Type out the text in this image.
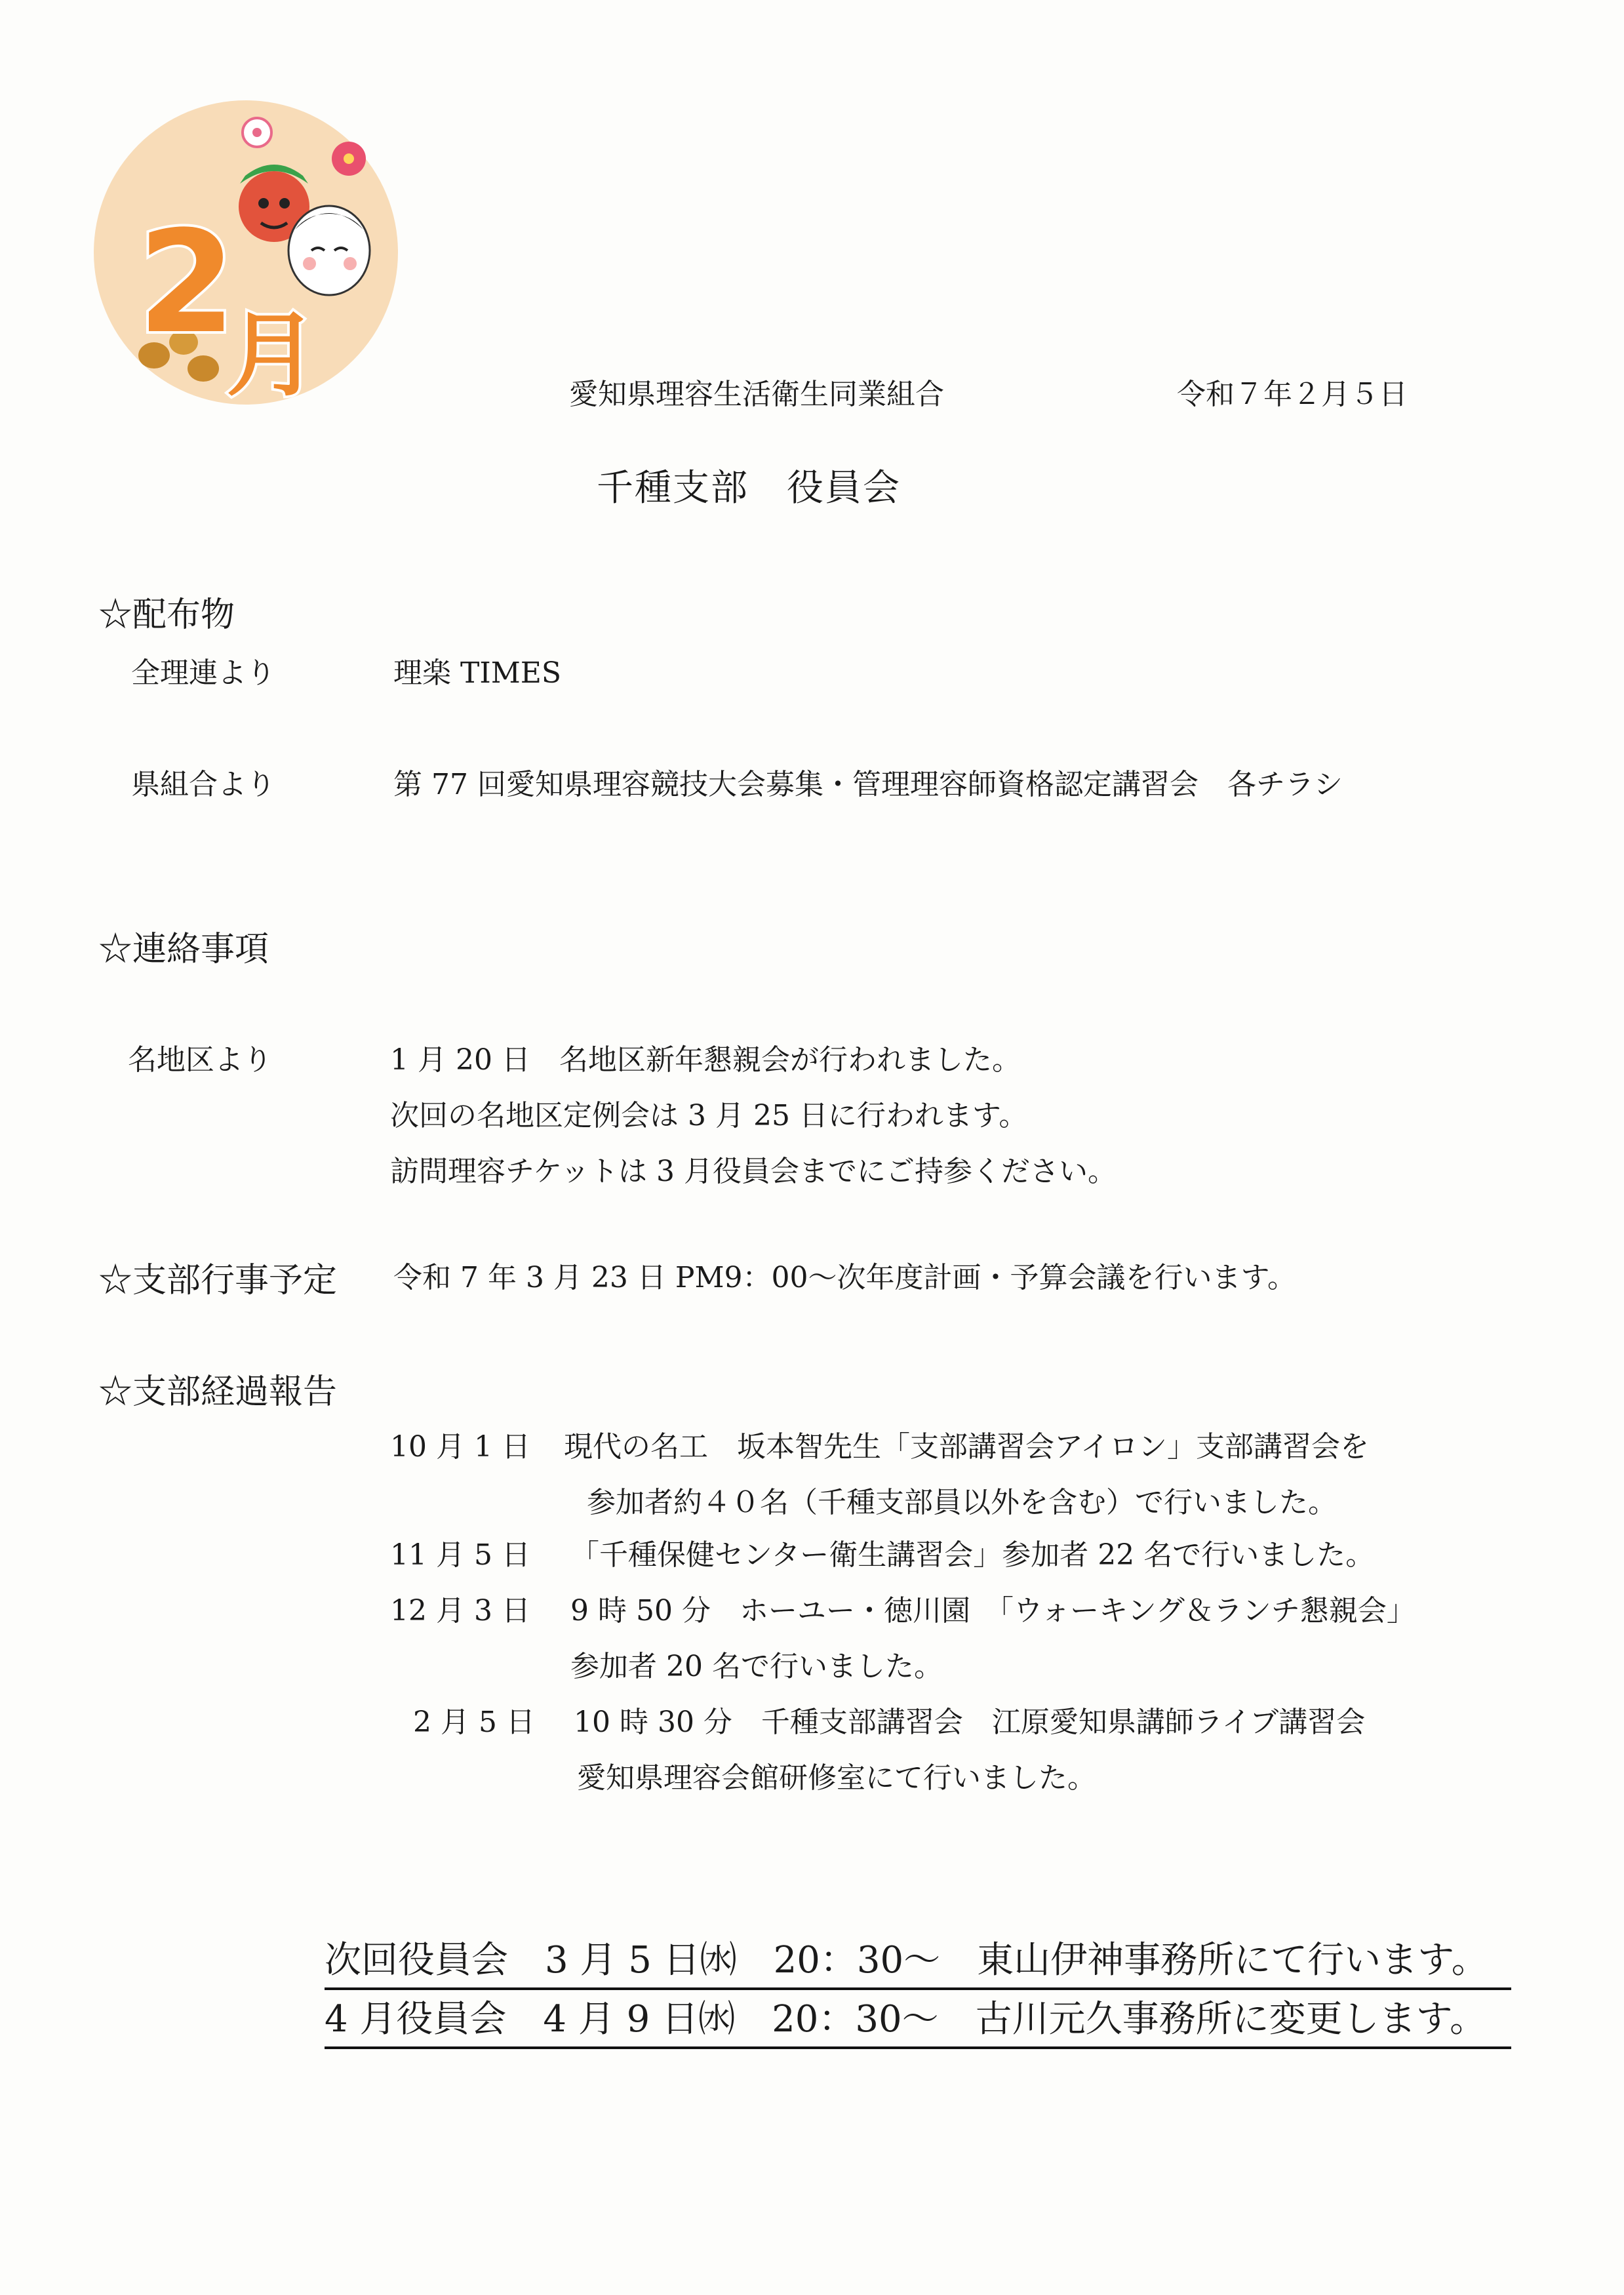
2
月	愛知県理容生活衛生同業組合	令和７年２月５日
千種支部　役員会
☆配布物
全理連より	理楽 TIMES
県組合より	第 77 回愛知県理容競技大会募集・管理理容師資格認定講習会　各チラシ
☆連絡事項
名地区より	1 月 20 日　名地区新年懇親会が行われました。
次回の名地区定例会は 3 月 25 日に行われます。
訪問理容チケットは 3 月役員会までにご持参ください。
☆支部行事予定 令和 7 年 3 月 23 日 PM9：00〜次年度計画・予算会議を行います。
☆支部経過報告
10 月 1 日 現代の名工　坂本智先生「支部講習会アイロン」支部講習会を
参加者約４０名（千種支部員以外を含む）で行いました。
11 月 5 日 「千種保健センター衛生講習会」参加者 22 名で行いました。
12 月 3 日 9 時 50 分　ホーユー・徳川園　「ウォーキング＆ランチ懇親会」
参加者 20 名で行いました。
2 月 5 日 10 時 30 分　千種支部講習会　江原愛知県講師ライブ講習会
愛知県理容会館研修室にて行いました。
次回役員会　3 月 5 日㈬　20：30〜　東山伊神事務所にて行います。
4 月役員会　4 月 9 日㈬　20：30〜　古川元久事務所に変更します。
